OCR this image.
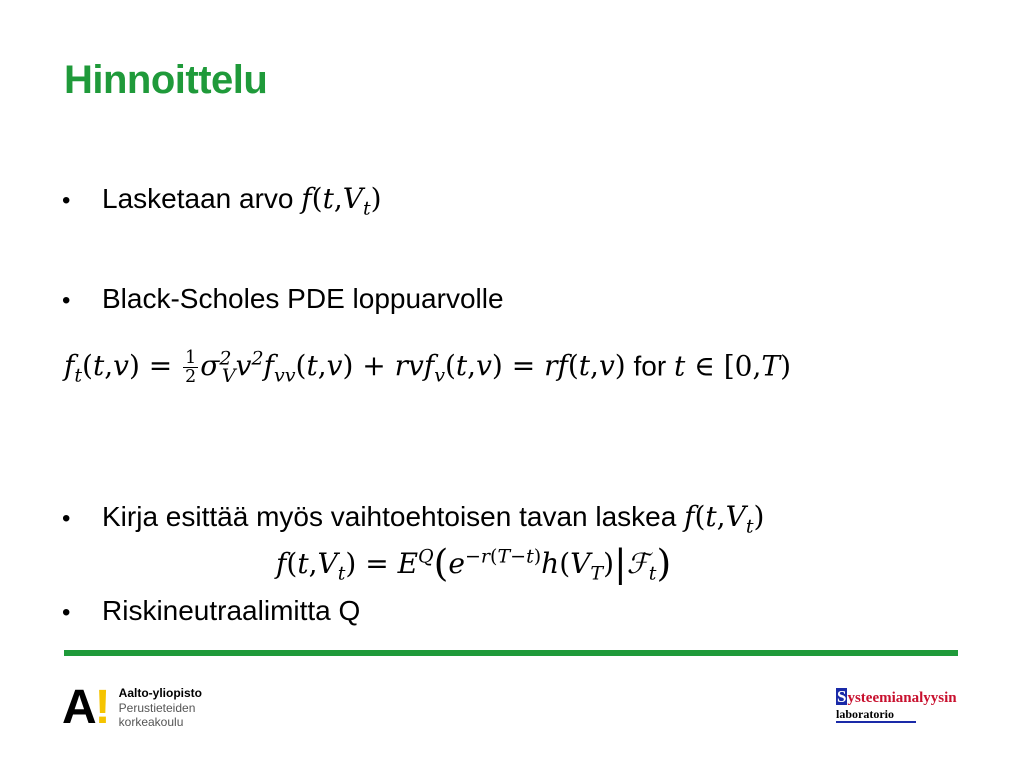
Hinnoittelu
• Lasketaan arvo $f(t,V_t)$
• Black-Scholes PDE loppuarvolle
$f_t(t,v) = \frac{1}{2} \sigma^2_Vv^2f_{vv}(t,v) + rvf_v(t,v) = rf(t,v)$ for t ∈ [0,T)
• Kirja esittää myös vaihtoehtoisen tavan laskea $f(t,V_t)$
$f(t,V_t)$ = $E^Q(e^{-r(T-t)}h(V_T)|ℱ_t)$
• Riskineutraalimitta Q
A! Aalto-yliopisto
Perustieteiden
korkeakoulu
Systeemianalyysin
laboratorio
